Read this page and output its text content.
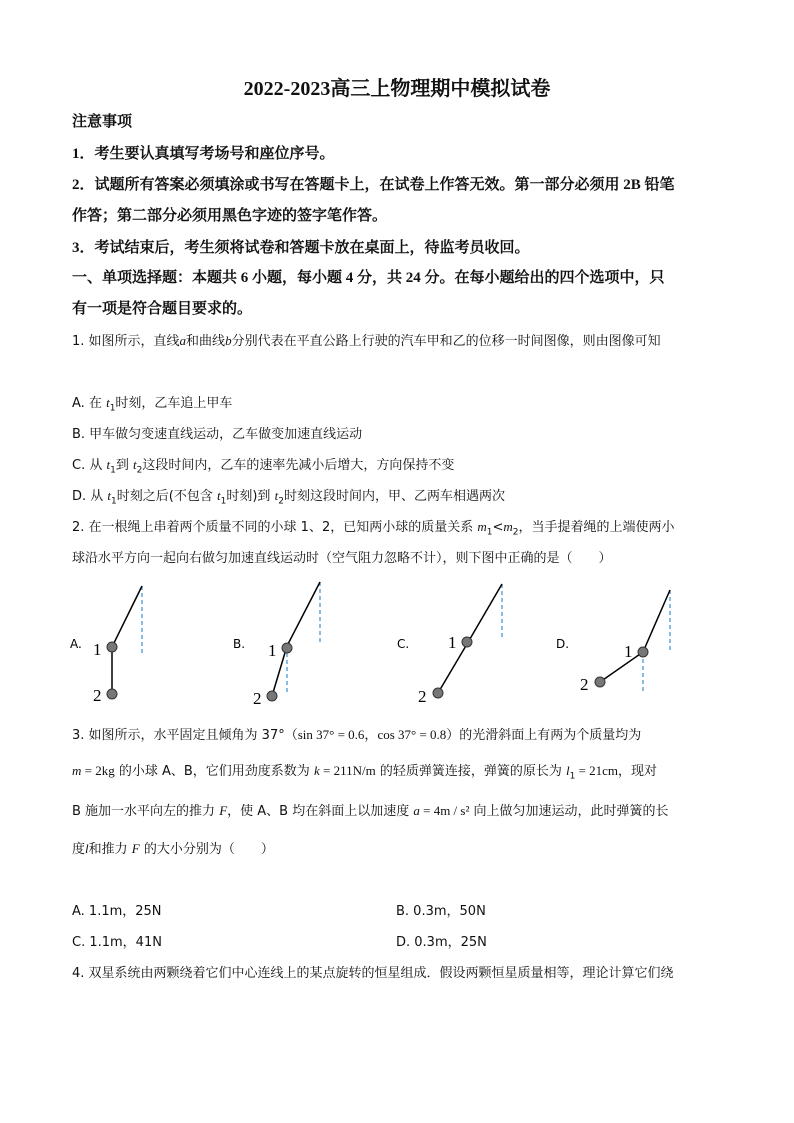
2022-2023高三上物理期中模拟试卷
注意事项
1．考生要认真填写考场号和座位序号。
2．试题所有答案必须填涂或书写在答题卡上，在试卷上作答无效。第一部分必须用 2B 铅笔
作答；第二部分必须用黑色字迹的签字笔作答。
3．考试结束后，考生须将试卷和答题卡放在桌面上，待监考员收回。
一、单项选择题：本题共 6 小题，每小题 4 分，共 24 分。在每小题给出的四个选项中，只
有一项是符合题目要求的。
1. 如图所示，直线a和曲线b分别代表在平直公路上行驶的汽车甲和乙的位移一时间图像，则由图像可知
A. 在 $t_1$时刻，乙车追上甲车
B. 甲车做匀变速直线运动，乙车做变加速直线运动
C. 从 $t_1$到 $t_2$这段时间内，乙车的速率先减小后增大，方向保持不变
D. 从 $t_1$时刻之后(不包含 $t_1$时刻)到 $t_2$时刻这段时间内，甲、乙两车相遇两次
2. 在一根绳上串着两个质量不同的小球 1、2，已知两小球的质量关系 $m_1<m_2$，当手提着绳的上端使两小
球沿水平方向一起向右做匀加速直线运动时（空气阻力忽略不计），则下图中正确的是（　　）
A. 1
2
B. 1
2
C. 1
2
D.	1
2
3. 如图所示，水平固定且倾角为 37°（sin 37° = 0.6，cos 37° = 0.8）的光滑斜面上有两为个质量均为
m = 2kg 的小球 A、B，它们用劲度系数为 k = 211N/m 的轻质弹簧连接，弹簧的原长为 $l_1 = 21cm$，现对
B 施加一水平向左的推力 F，使 A、B 均在斜面上以加速度 a = 4m / s² 向上做匀加速运动，此时弹簧的长
度l和推力 F 的大小分别为（　　）
A. 1.1m，25N	B. 0.3m，50N
C. 1.1m，41N	D. 0.3m，25N
4. 双星系统由两颗绕着它们中心连线上的某点旋转的恒星组成．假设两颗恒星质量相等，理论计算它们绕
